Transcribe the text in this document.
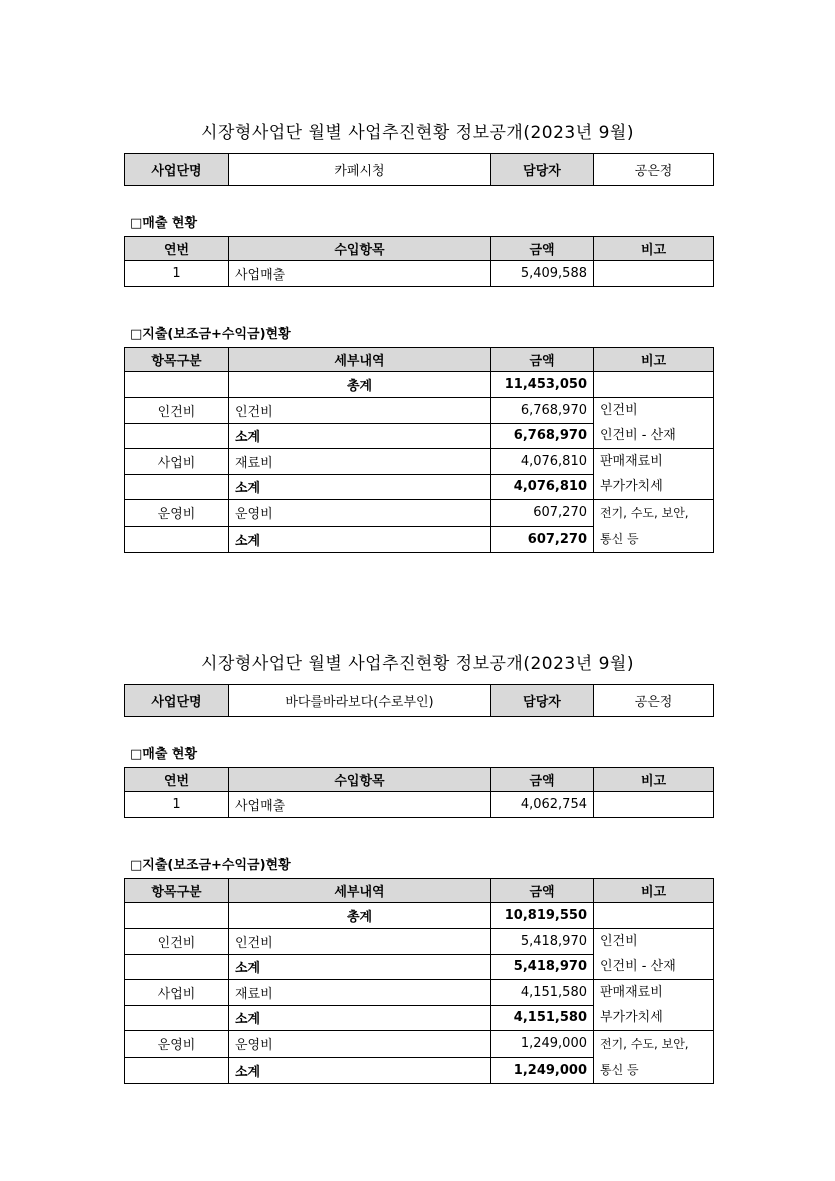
시장형사업단 월별 사업추진현황 정보공개(2023년 9월)
사업단명	카페시청	담당자	공은정
□매출 현황
연번	수입항목	금액	비고
1	사업매출	5,409,588	
□지출(보조금+수익금)현황
항목구분	세부내역	금액	비고
	총계	11,453,050	
인건비	인건비	6,768,970	인건비
인건비 - 산재

	소계	6,768,970	
사업비	재료비	4,076,810	판매재료비
부가가치세

	소계	4,076,810	
운영비	운영비	607,270	전기, 수도, 보안,
통신 등

	소계	607,270	
시장형사업단 월별 사업추진현황 정보공개(2023년 9월)
사업단명	바다를바라보다(수로부인)	담당자	공은정
□매출 현황
연번	수입항목	금액	비고
1	사업매출	4,062,754	
□지출(보조금+수익금)현황
항목구분	세부내역	금액	비고
	총계	10,819,550	
인건비	인건비	5,418,970	인건비
인건비 - 산재

	소계	5,418,970	
사업비	재료비	4,151,580	판매재료비
부가가치세

	소계	4,151,580	
운영비	운영비	1,249,000	전기, 수도, 보안,
통신 등

	소계	1,249,000	
